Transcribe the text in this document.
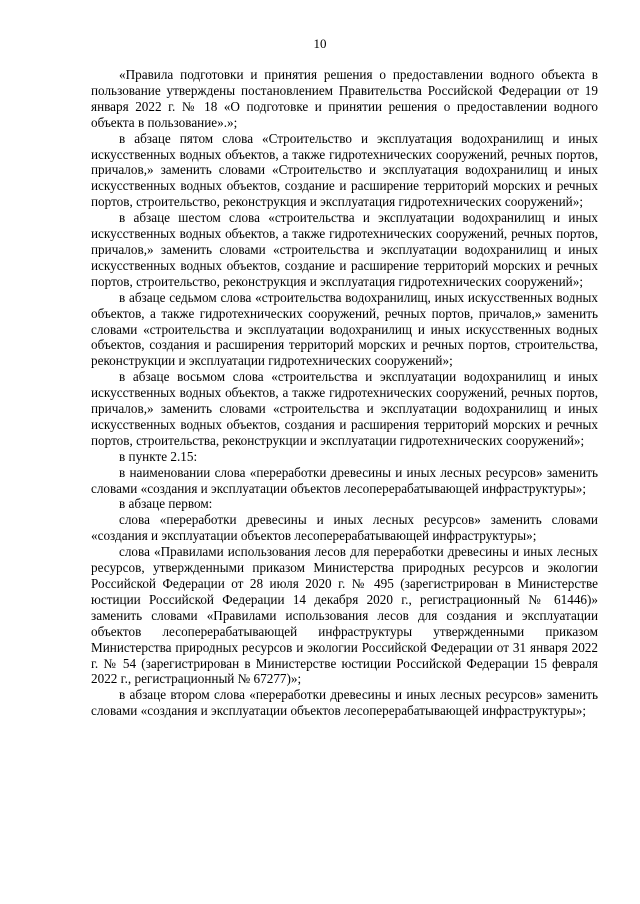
10

«Правила подготовки и принятия решения о предоставлении водного объекта в пользование утверждены постановлением Правительства Российской Федерации от 19 января 2022 г. № 18 «О подготовке и принятии решения о предоставлении водного объекта в пользование».»;

в абзаце пятом слова «Строительство и эксплуатация водохранилищ и иных искусственных водных объектов, а также гидротехнических сооружений, речных портов, причалов,» заменить словами «Строительство и эксплуатация водохранилищ и иных искусственных водных объектов, создание и расширение территорий морских и речных портов, строительство, реконструкция и эксплуатация гидротехнических сооружений»;

в абзаце шестом слова «строительства и эксплуатации водохранилищ и иных искусственных водных объектов, а также гидротехнических сооружений, речных портов, причалов,» заменить словами «строительства и эксплуатации водохранилищ и иных искусственных водных объектов, создание и расширение территорий морских и речных портов, строительство, реконструкция и эксплуатация гидротехнических сооружений»;

в абзаце седьмом слова «строительства водохранилищ, иных искусственных водных объектов, а также гидротехнических сооружений, речных портов, причалов,» заменить словами «строительства и эксплуатации водохранилищ и иных искусственных водных объектов, создания и расширения территорий морских и речных портов, строительства, реконструкции и эксплуатации гидротехнических сооружений»;

в абзаце восьмом слова «строительства и эксплуатации водохранилищ и иных искусственных водных объектов, а также гидротехнических сооружений, речных портов, причалов,» заменить словами «строительства и эксплуатации водохранилищ и иных искусственных водных объектов, создания и расширения территорий морских и речных портов, строительства, реконструкции и эксплуатации гидротехнических сооружений»;

в пункте 2.15:

в наименовании слова «переработки древесины и иных лесных ресурсов» заменить словами «создания и эксплуатации объектов лесоперерабатывающей инфраструктуры»;

в абзаце первом:

слова «переработки древесины и иных лесных ресурсов» заменить словами «создания и эксплуатации объектов лесоперерабатывающей инфраструктуры»;

слова «Правилами использования лесов для переработки древесины и иных лесных ресурсов, утвержденными приказом Министерства природных ресурсов и экологии Российской Федерации от 28 июля 2020 г. № 495 (зарегистрирован в Министерстве юстиции Российской Федерации 14 декабря 2020 г., регистрационный № 61446)» заменить словами «Правилами использования лесов для создания и эксплуатации объектов лесоперерабатывающей инфраструктуры утвержденными приказом Министерства природных ресурсов и экологии Российской Федерации от 31 января 2022 г. № 54 (зарегистрирован в Министерстве юстиции Российской Федерации 15 февраля 2022 г., регистрационный № 67277)»;

в абзаце втором слова «переработки древесины и иных лесных ресурсов» заменить словами «создания и эксплуатации объектов лесоперерабатывающей инфраструктуры»;
